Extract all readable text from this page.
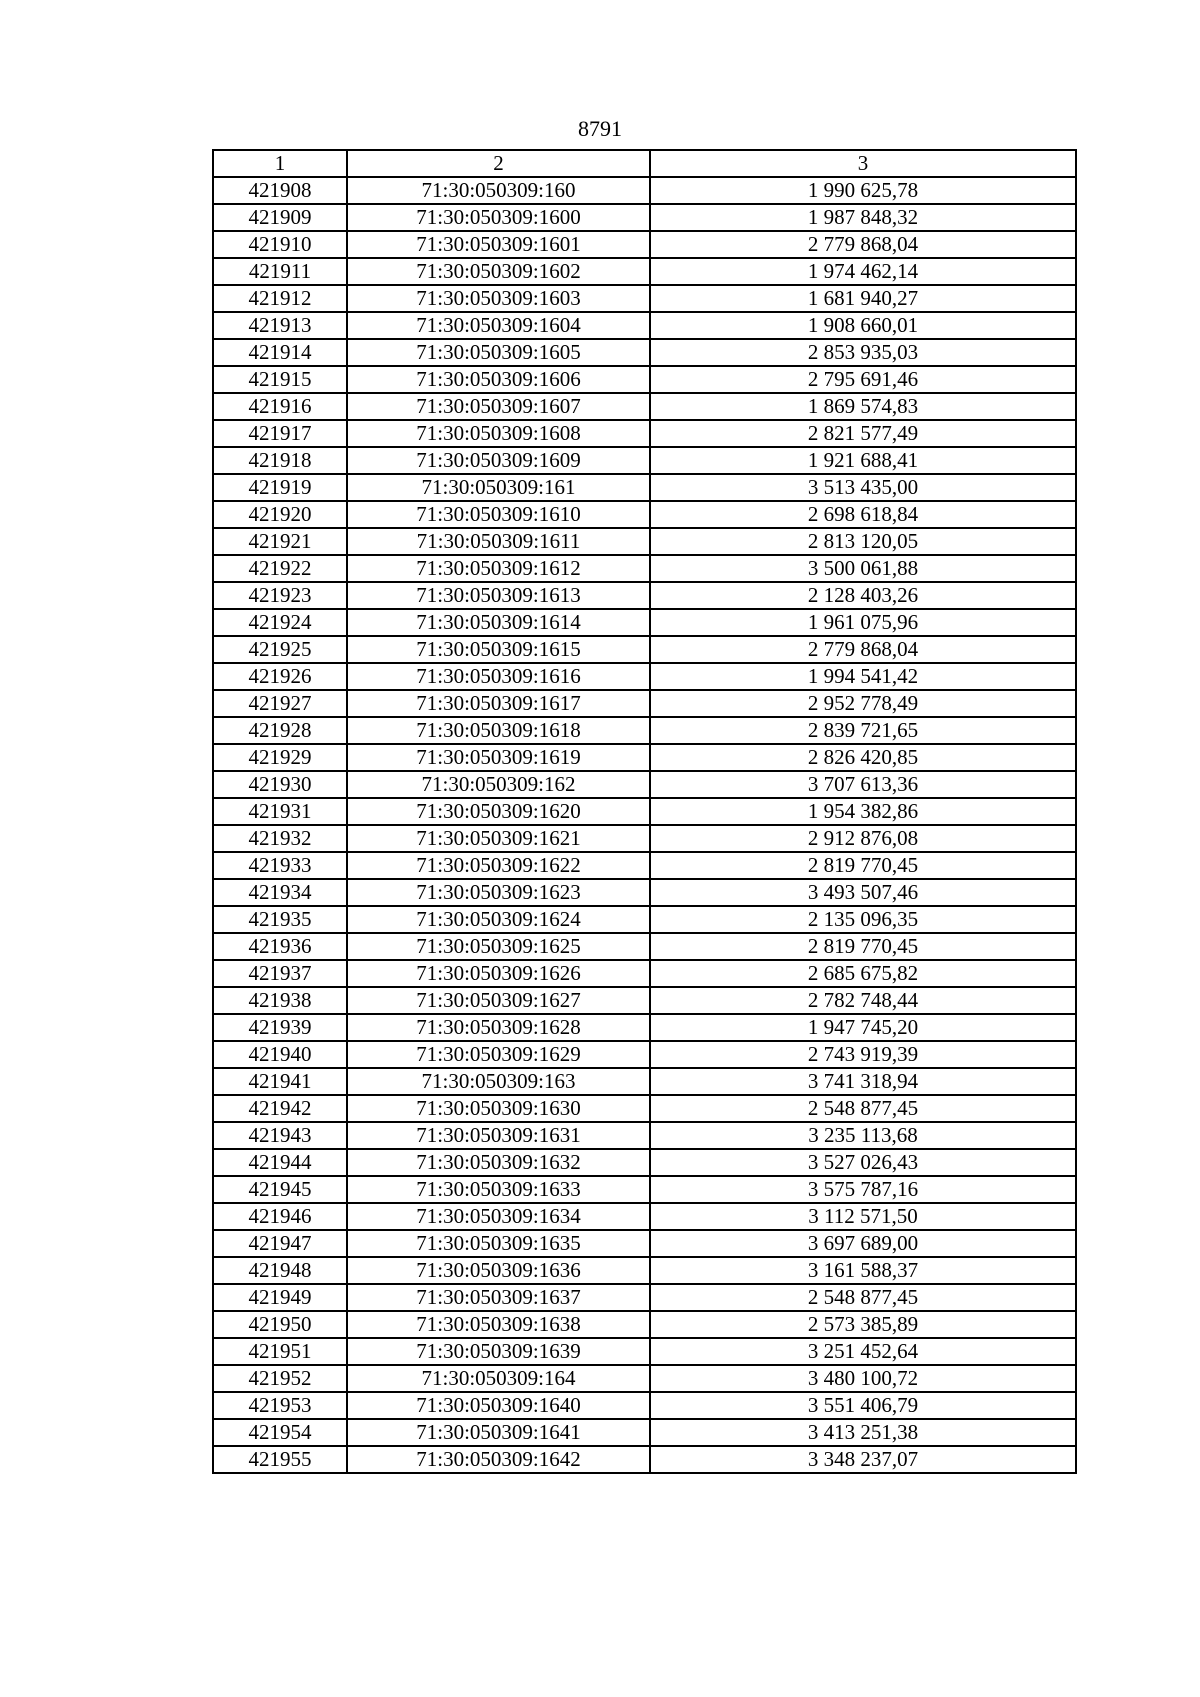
8791
1	2	3
421908	71:30:050309:160	1 990 625,78
421909	71:30:050309:1600	1 987 848,32
421910	71:30:050309:1601	2 779 868,04
421911	71:30:050309:1602	1 974 462,14
421912	71:30:050309:1603	1 681 940,27
421913	71:30:050309:1604	1 908 660,01
421914	71:30:050309:1605	2 853 935,03
421915	71:30:050309:1606	2 795 691,46
421916	71:30:050309:1607	1 869 574,83
421917	71:30:050309:1608	2 821 577,49
421918	71:30:050309:1609	1 921 688,41
421919	71:30:050309:161	3 513 435,00
421920	71:30:050309:1610	2 698 618,84
421921	71:30:050309:1611	2 813 120,05
421922	71:30:050309:1612	3 500 061,88
421923	71:30:050309:1613	2 128 403,26
421924	71:30:050309:1614	1 961 075,96
421925	71:30:050309:1615	2 779 868,04
421926	71:30:050309:1616	1 994 541,42
421927	71:30:050309:1617	2 952 778,49
421928	71:30:050309:1618	2 839 721,65
421929	71:30:050309:1619	2 826 420,85
421930	71:30:050309:162	3 707 613,36
421931	71:30:050309:1620	1 954 382,86
421932	71:30:050309:1621	2 912 876,08
421933	71:30:050309:1622	2 819 770,45
421934	71:30:050309:1623	3 493 507,46
421935	71:30:050309:1624	2 135 096,35
421936	71:30:050309:1625	2 819 770,45
421937	71:30:050309:1626	2 685 675,82
421938	71:30:050309:1627	2 782 748,44
421939	71:30:050309:1628	1 947 745,20
421940	71:30:050309:1629	2 743 919,39
421941	71:30:050309:163	3 741 318,94
421942	71:30:050309:1630	2 548 877,45
421943	71:30:050309:1631	3 235 113,68
421944	71:30:050309:1632	3 527 026,43
421945	71:30:050309:1633	3 575 787,16
421946	71:30:050309:1634	3 112 571,50
421947	71:30:050309:1635	3 697 689,00
421948	71:30:050309:1636	3 161 588,37
421949	71:30:050309:1637	2 548 877,45
421950	71:30:050309:1638	2 573 385,89
421951	71:30:050309:1639	3 251 452,64
421952	71:30:050309:164	3 480 100,72
421953	71:30:050309:1640	3 551 406,79
421954	71:30:050309:1641	3 413 251,38
421955	71:30:050309:1642	3 348 237,07
